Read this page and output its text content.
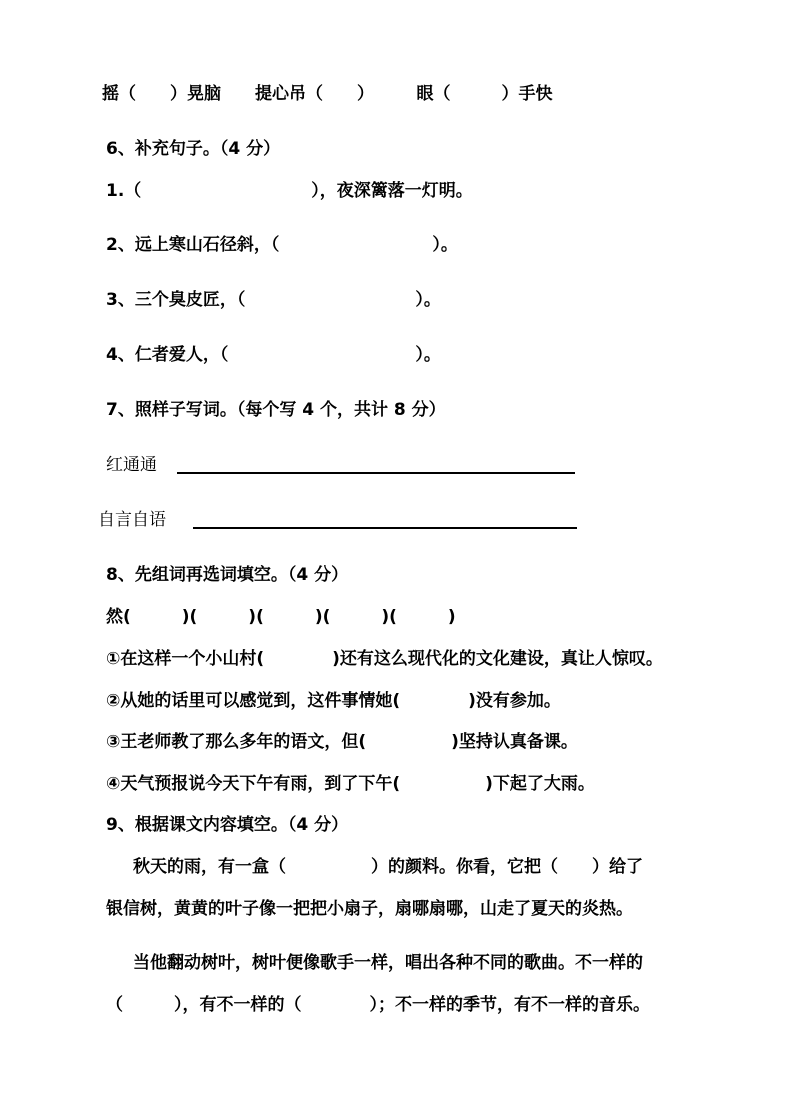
摇（　　）晃脑　　提心吊（　　）　　　眼（　　　）手快
6、补充句子。（4 分）
1.（　　　　　　　　　　），夜深篱落一灯明。
2、远上寒山石径斜，（　　　　　　　　　）。
3、三个臭皮匠，（　　　　　　　　　　）。
4、仁者爱人，（　　　　　　　　　　　）。
7、照样子写词。（每个写 4 个，共计 8 分）
红通通
自言自语
8、先组词再选词填空。（4 分）
然(　　　)(　　　)(　　　)(　　　)(　　　)
①在这样一个小山村(　　　　)还有这么现代化的文化建设，真让人惊叹。
②从她的话里可以感觉到，这件事情她(　　　　)没有参加。
③王老师教了那么多年的语文，但(　　　　　)坚持认真备课。
④天气预报说今天下午有雨，到了下午(　　　　　)下起了大雨。
9、根据课文内容填空。（4 分）
秋天的雨，有一盒（　　　　　）的颜料。你看，它把（　　）给了
银信树，黄黄的叶子像一把把小扇子，扇哪扇哪，山走了夏天的炎热。
当他翻动树叶，树叶便像歌手一样，唱出各种不同的歌曲。不一样的
（　　　），有不一样的（　　　　）；不一样的季节，有不一样的音乐。
